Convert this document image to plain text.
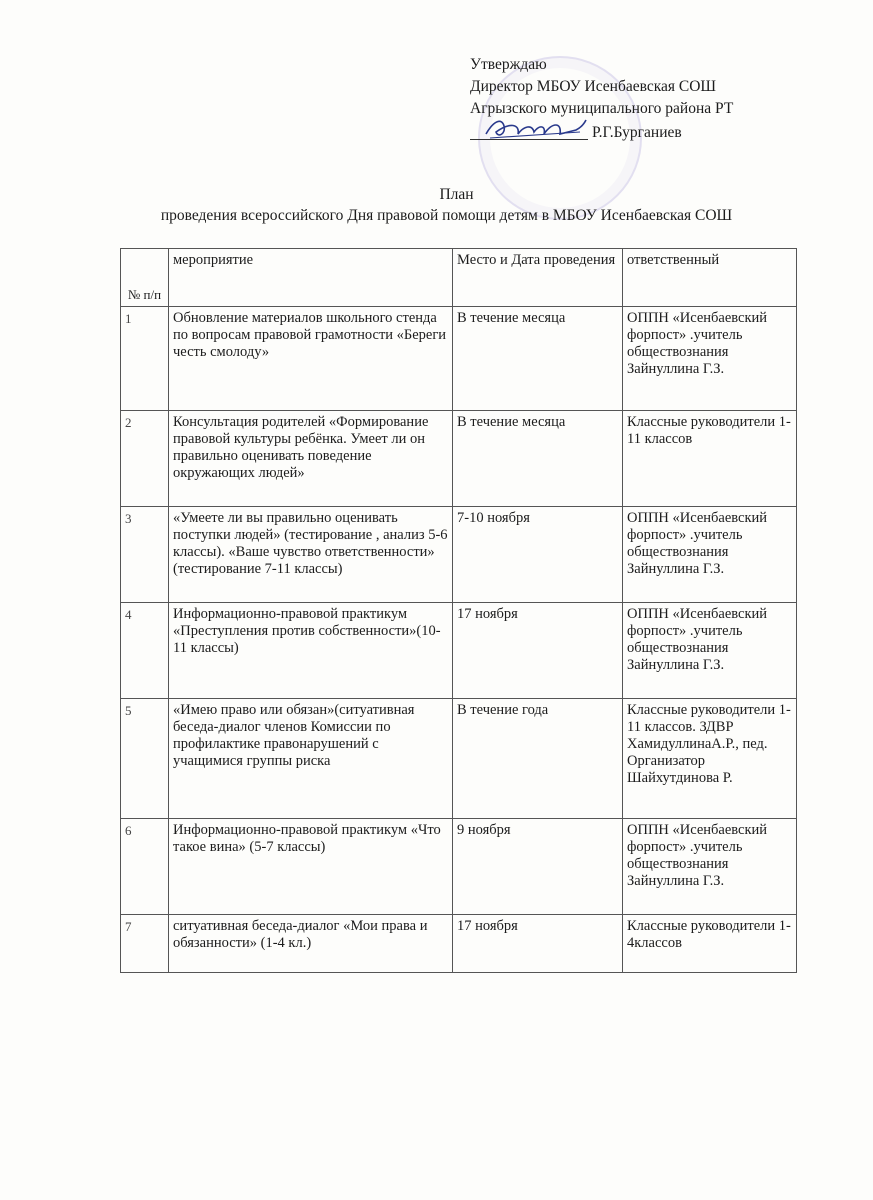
Утверждаю
Директор МБОУ Исенбаевская СОШ
Агрызского муниципального района РТ
Р.Г.Бурганиев
План
проведения всероссийского Дня правовой помощи детям в МБОУ Исенбаевская СОШ
№ п/п	мероприятие	Место и Дата проведения	ответственный
1	Обновление материалов школьного стенда по вопросам правовой грамотности «Береги честь смолоду»	В течение месяца	ОППН «Исенбаевский форпост» .учитель обществознания Зайнуллина Г.З.
2	Консультация родителей «Формирование правовой культуры ребёнка. Умеет ли он правильно оценивать поведение окружающих людей»	В течение месяца	Классные руководители 1-11 классов
3	«Умеете ли вы правильно оценивать поступки людей» (тестирование , анализ 5-6 классы). «Ваше чувство ответственности» (тестирование 7-11 классы)	7-10 ноября	ОППН «Исенбаевский форпост» .учитель обществознания Зайнуллина Г.З.
4	Информационно-правовой практикум «Преступления против собственности»(10-11 классы)	17 ноября	ОППН «Исенбаевский форпост» .учитель обществознания Зайнуллина Г.З.
5	«Имею право или обязан»(ситуативная беседа-диалог членов Комиссии по профилактике правонарушений с учащимися группы риска	В течение года	Классные руководители 1-11 классов. ЗДВР ХамидуллинаА.Р., пед. Организатор Шайхутдинова Р.
6	Информационно-правовой практикум «Что такое вина» (5-7 классы)	9 ноября	ОППН «Исенбаевский форпост» .учитель обществознания Зайнуллина Г.З.
7	ситуативная беседа-диалог «Мои права и обязанности» (1-4 кл.)	17 ноября	Классные руководители 1-4классов
